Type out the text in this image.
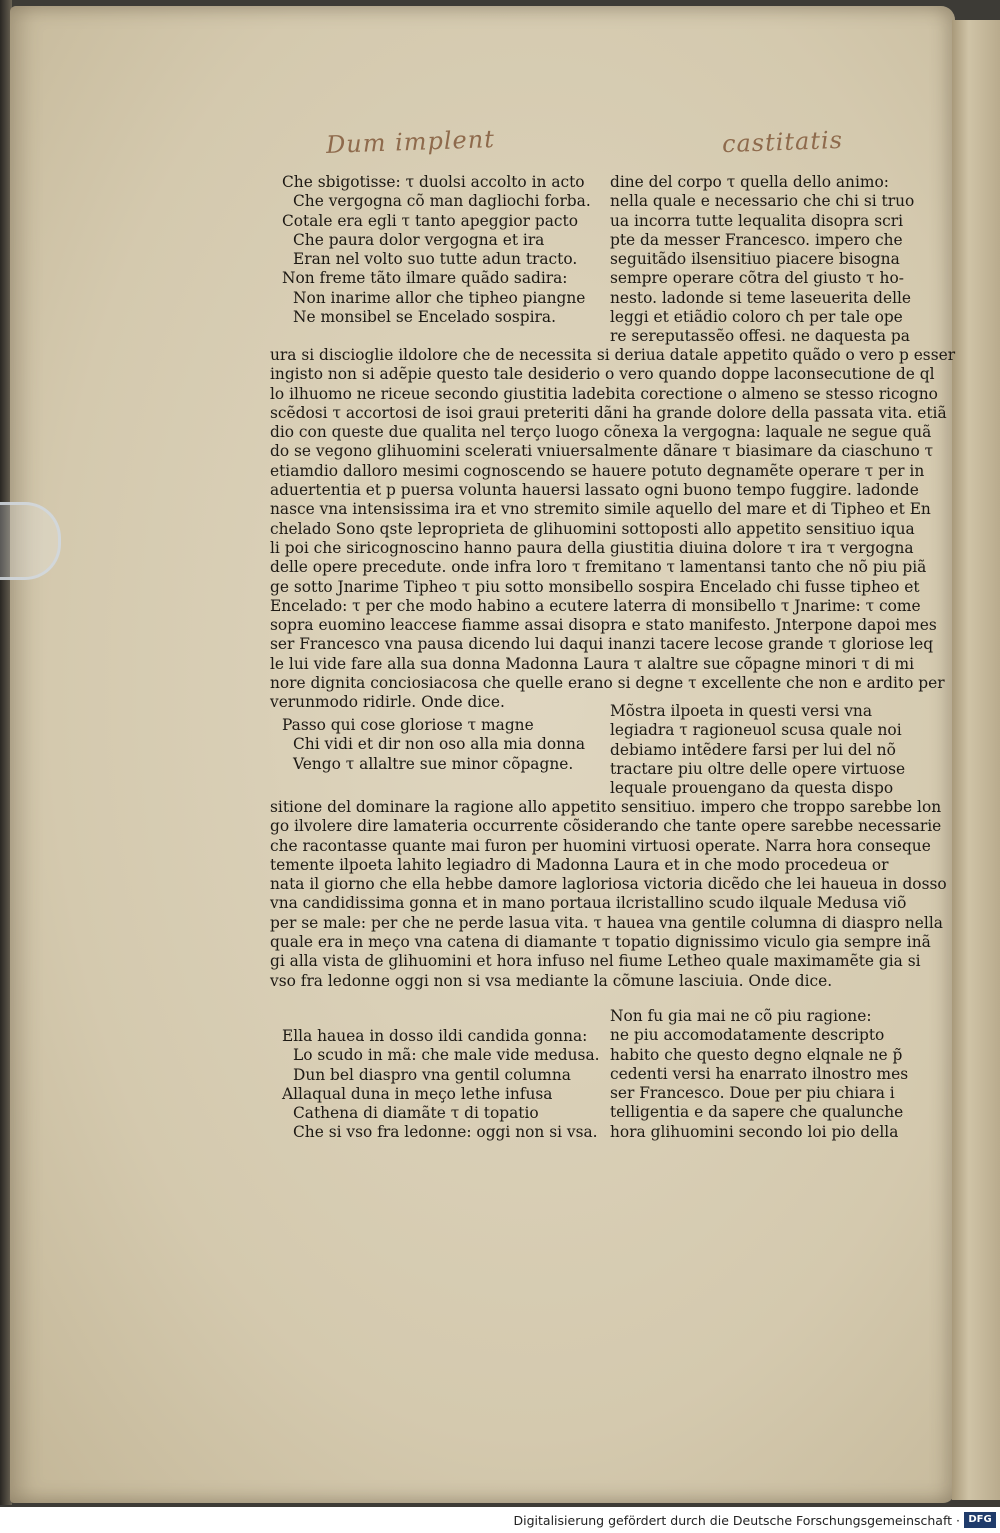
Dum implent	castitatis
Che sbigotisse: τ duolsi accolto in acto
Che vergogna cõ man dagliochi forba.
Cotale era egli τ tanto apeggior pacto
Che paura dolor vergogna et ira
Eran nel volto suo tutte adun tracto.
Non freme tãto ilmare quãdo sadira:
Non inarime allor che tipheo piangne
Ne monsibel se Encelado sospira.
dine del corpo τ quella dello animo:
nella quale e necessario che chi si truo
ua incorra tutte lequalita disopra scri
pte da messer Francesco. impero che
seguitãdo ilsensitiuo piacere bisogna
sempre operare cõtra del giusto τ ho-
nesto. ladonde si teme laseuerita delle
leggi et etiãdio coloro ch per tale ope
re sereputassẽo offesi. ne daquesta pa
ura si discioglie ildolore che de necessita si deriua datale appetito quãdo o vero p esser
ingisto non si adẽpie questo tale desiderio o vero quando doppe laconsecutione de ql
lo ilhuomo ne riceue secondo giustitia ladebita corectione o almeno se stesso ricogno
scẽdosi τ accortosi de isoi graui preteriti dãni ha grande dolore della passata vita. etiã
dio con queste due qualita nel terço luogo cõnexa la vergogna: laquale ne segue quã
do se vegono glihuomini scelerati vniuersalmente dãnare τ biasimare da ciaschuno τ
etiamdio dalloro mesimi cognoscendo se hauere potuto degnamẽte operare τ per in
aduertentia et p puersa volunta hauersi lassato ogni buono tempo fuggire. ladonde
nasce vna intensissima ira et vno stremito simile aquello del mare et di Tipheo et En
chelado Sono qste leproprieta de glihuomini sottoposti allo appetito sensitiuo iqua
li poi che siricognoscino hanno paura della giustitia diuina dolore τ ira τ vergogna
delle opere precedute. onde infra loro τ fremitano τ lamentansi tanto che nõ piu piã
ge sotto Jnarime Tipheo τ piu sotto monsibello sospira Encelado chi fusse tipheo et
Encelado: τ per che modo habino a ecutere laterra di monsibello τ Jnarime: τ come
sopra euomino leaccese fiamme assai disopra e stato manifesto. Jnterpone dapoi mes
ser Francesco vna pausa dicendo lui daqui inanzi tacere lecose grande τ gloriose leq
le lui vide fare alla sua donna Madonna Laura τ alaltre sue cõpagne minori τ di mi
nore dignita conciosiacosa che quelle erano si degne τ excellente che non e ardito per
verunmodo ridirle. Onde dice.
Passo qui cose gloriose τ magne
Chi vidi et dir non oso alla mia donna
Vengo τ allaltre sue minor cõpagne.
Mõstra ilpoeta in questi versi vna
legiadra τ ragioneuol scusa quale noi
debiamo intẽdere farsi per lui del nõ
tractare piu oltre delle opere virtuose
lequale prouengano da questa dispo
sitione del dominare la ragione allo appetito sensitiuo. impero che troppo sarebbe lon
go ilvolere dire lamateria occurrente cõsiderando che tante opere sarebbe necessarie
che racontasse quante mai furon per huomini virtuosi operate. Narra hora conseque
temente ilpoeta lahito legiadro di Madonna Laura et in che modo procedeua or
nata il giorno che ella hebbe damore lagloriosa victoria dicẽdo che lei haueua in dosso
vna candidissima gonna et in mano portaua ilcristallino scudo ilquale Medusa viõ
per se male: per che ne perde lasua vita. τ hauea vna gentile columna di diaspro nella
quale era in meço vna catena di diamante τ topatio dignissimo viculo gia sempre inã
gi alla vista de glihuomini et hora infuso nel fiume Letheo quale maximamẽte gia si
vso fra ledonne oggi non si vsa mediante la cõmune lasciuia. Onde dice.
Ella hauea in dosso ildi candida gonna:
Lo scudo in mã: che male vide medusa.
Dun bel diaspro vna gentil columna
Allaqual duna in meço lethe infusa
Cathena di diamãte τ di topatio
Che si vso fra ledonne: oggi non si vsa.
Non fu gia mai ne cõ piu ragione:
ne piu accomodatamente descripto
habito che questo degno elqnale ne p̃
cedenti versi ha enarrato ilnostro mes
ser Francesco. Doue per piu chiara i
telligentia e da sapere che qualunche
hora glihuomini secondo loi pio della
Digitalisierung gefördert durch die Deutsche Forschungsgemeinschaft · DFG
